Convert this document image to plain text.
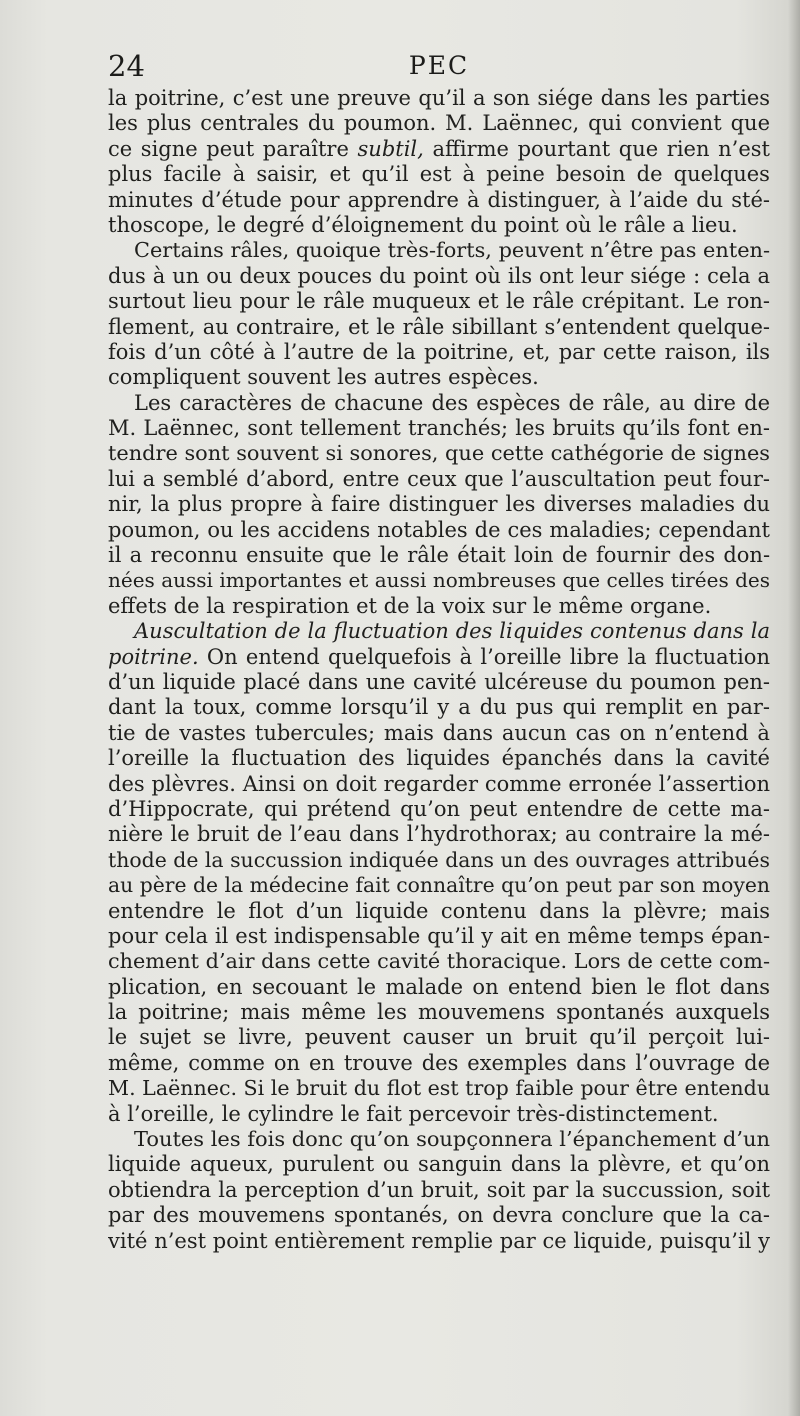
24	PEC
la poitrine, c’est une preuve qu’il a son siége dans les parties
les plus centrales du poumon. M. Laënnec, qui convient que
ce signe peut paraître subtil, affirme pourtant que rien n’est
plus facile à saisir, et qu’il est à peine besoin de quelques
minutes d’étude pour apprendre à distinguer, à l’aide du sté-
thoscope, le degré d’éloignement du point où le râle a lieu.
Certains râles, quoique très-forts, peuvent n’être pas enten-
dus à un ou deux pouces du point où ils ont leur siége : cela a
surtout lieu pour le râle muqueux et le râle crépitant. Le ron-
flement, au contraire, et le râle sibillant s’entendent quelque-
fois d’un côté à l’autre de la poitrine, et, par cette raison, ils
compliquent souvent les autres espèces.
Les caractères de chacune des espèces de râle, au dire de
M. Laënnec, sont tellement tranchés; les bruits qu’ils font en-
tendre sont souvent si sonores, que cette cathégorie de signes
lui a semblé d’abord, entre ceux que l’auscultation peut four-
nir, la plus propre à faire distinguer les diverses maladies du
poumon, ou les accidens notables de ces maladies; cependant
il a reconnu ensuite que le râle était loin de fournir des don-
nées aussi importantes et aussi nombreuses que celles tirées des
effets de la respiration et de la voix sur le même organe.
Auscultation de la fluctuation des liquides contenus dans la
poitrine. On entend quelquefois à l’oreille libre la fluctuation
d’un liquide placé dans une cavité ulcéreuse du poumon pen-
dant la toux, comme lorsqu’il y a du pus qui remplit en par-
tie de vastes tubercules; mais dans aucun cas on n’entend à
l’oreille la fluctuation des liquides épanchés dans la cavité
des plèvres. Ainsi on doit regarder comme erronée l’assertion
d’Hippocrate, qui prétend qu’on peut entendre de cette ma-
nière le bruit de l’eau dans l’hydrothorax; au contraire la mé-
thode de la succussion indiquée dans un des ouvrages attribués
au père de la médecine fait connaître qu’on peut par son moyen
entendre le flot d’un liquide contenu dans la plèvre; mais
pour cela il est indispensable qu’il y ait en même temps épan-
chement d’air dans cette cavité thoracique. Lors de cette com-
plication, en secouant le malade on entend bien le flot dans
la poitrine; mais même les mouvemens spontanés auxquels
le sujet se livre, peuvent causer un bruit qu’il perçoit lui-
même, comme on en trouve des exemples dans l’ouvrage de
M. Laënnec. Si le bruit du flot est trop faible pour être entendu
à l’oreille, le cylindre le fait percevoir très-distinctement.
Toutes les fois donc qu’on soupçonnera l’épanchement d’un
liquide aqueux, purulent ou sanguin dans la plèvre, et qu’on
obtiendra la perception d’un bruit, soit par la succussion, soit
par des mouvemens spontanés, on devra conclure que la ca-
vité n’est point entièrement remplie par ce liquide, puisqu’il y
